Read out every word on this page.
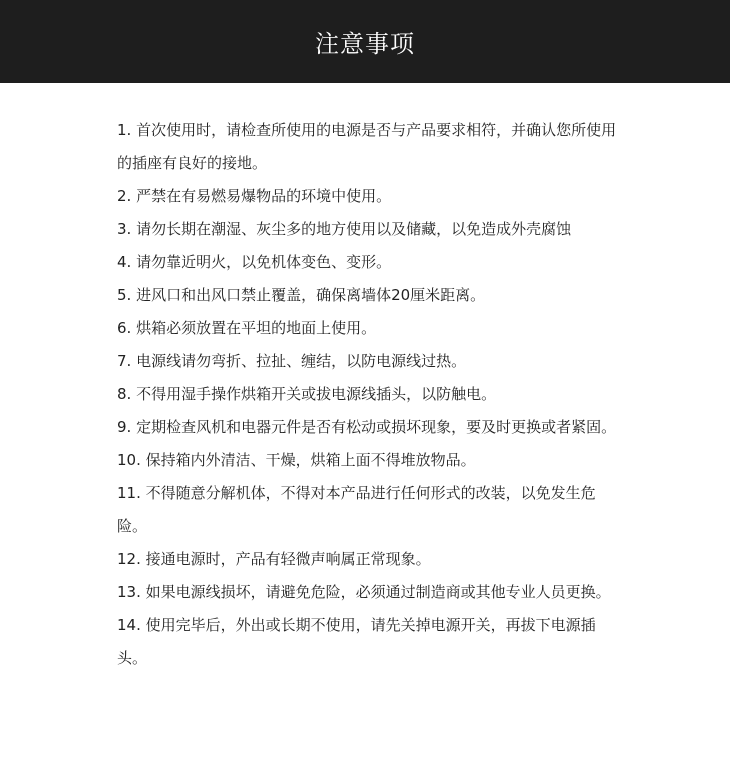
注意事项
1. 首次使用时，请检查所使用的电源是否与产品要求相符，并确认您所使用的插座有良好的接地。
2. 严禁在有易燃易爆物品的环境中使用。
3. 请勿长期在潮湿、灰尘多的地方使用以及储藏，以免造成外壳腐蚀
4. 请勿靠近明火，以免机体变色、变形。
5. 进风口和出风口禁止覆盖，确保离墙体20厘米距离。
6. 烘箱必须放置在平坦的地面上使用。
7. 电源线请勿弯折、拉扯、缠结，以防电源线过热。
8. 不得用湿手操作烘箱开关或拔电源线插头，以防触电。
9. 定期检查风机和电器元件是否有松动或损坏现象，要及时更换或者紧固。
10. 保持箱内外清洁、干燥，烘箱上面不得堆放物品。
11. 不得随意分解机体，不得对本产品进行任何形式的改装，以免发生危险。
12. 接通电源时，产品有轻微声响属正常现象。
13. 如果电源线损坏，请避免危险，必须通过制造商或其他专业人员更换。
14. 使用完毕后，外出或长期不使用，请先关掉电源开关，再拔下电源插头。
